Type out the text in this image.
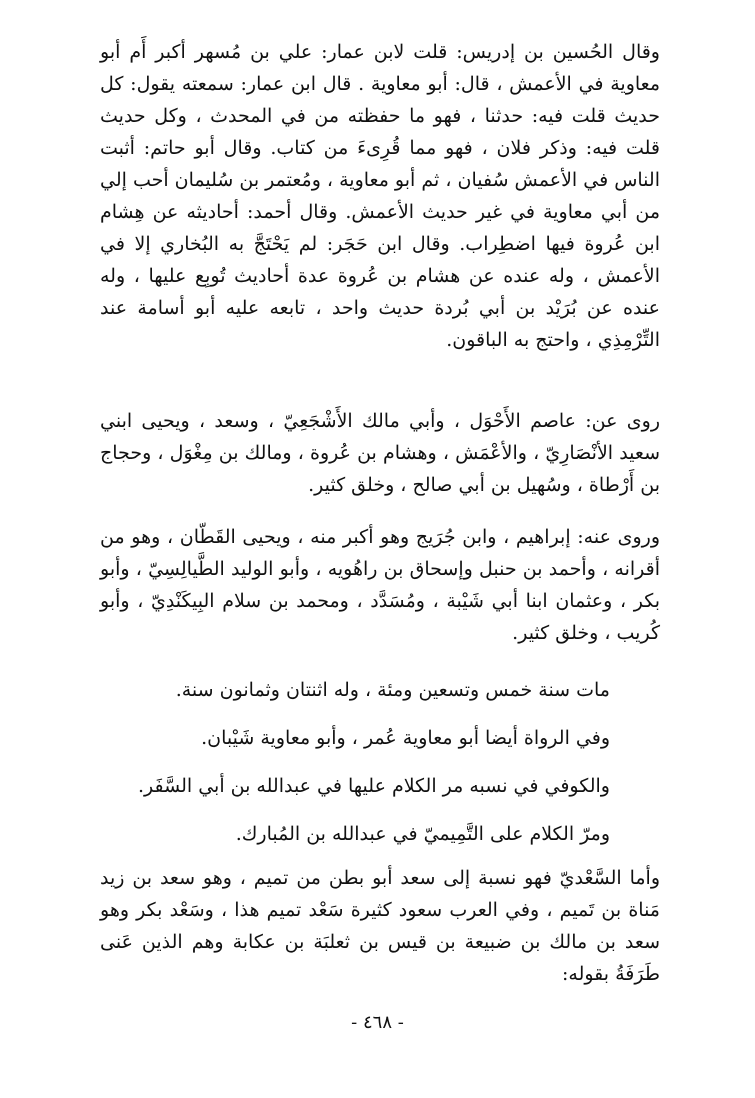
وقال الحُسين بن إدريس: قلت لابن عمار: علي بن مُسهر أكبر أَم أبو معاوية في الأعمش ، قال: أبو معاوية . قال ابن عمار: سمعته يقول: كل حديث قلت فيه: حدثنا ، فهو ما حفظته من في المحدث ، وكل حديث قلت فيه: وذكر فلان ، فهو مما قُرِىءَ من كتاب. وقال أبو حاتم: أثبت الناس في الأعمش سُفيان ، ثم أبو معاوية ، ومُعتمر بن سُليمان أحب إلي من أبي معاوية في غير حديث الأعمش. وقال أحمد: أحاديثه عن هِشام ابن عُروة فيها اضطِراب. وقال ابن حَجَر: لم يَحْتَجَّ به البُخاري إلا في الأعمش ، وله عنده عن هشام بن عُروة عدة أحاديث تُوبِع عليها ، وله عنده عن بُرَيْد بن أبي بُردة حديث واحد ، تابعه عليه أبو أسامة عند التِّرْمِذِي ، واحتج به الباقون.

روى عن: عاصم الأَحْوَل ، وأبي مالك الأَشْجَعِيّ ، وسعد ، ويحيى ابني سعيد الأنْصَارِيّ ، والأعْمَش ، وهشام بن عُروة ، ومالك بن مِغْوَل ، وحجاج بن أَرْطاة ، وسُهيل بن أبي صالح ، وخلق كثير.

وروى عنه: إبراهيم ، وابن جُرَيج وهو أكبر منه ، ويحيى القَطّان ، وهو من أقرانه ، وأحمد بن حنبل وإسحاق بن راهُويه ، وأبو الوليد الطَّيالِسِيّ ، وأبو بكر ، وعثمان ابنا أبي شَيْبة ، ومُسَدَّد ، ومحمد بن سلام البِيكَنْدِيّ ، وأبو كُريب ، وخلق كثير.

مات سنة خمس وتسعين ومئة ، وله اثنتان وثمانون سنة.

وفي الرواة أيضا أبو معاوية عُمر ، وأبو معاوية شَيْبان.

والكوفي في نسبه مر الكلام عليها في عبدالله بن أبي السَّفَر.

ومرّ الكلام على التَّمِيميّ في عبدالله بن المُبارك.

وأما السَّعْديّ فهو نسبة إلى سعد أبو بطن من تميم ، وهو سعد بن زيد مَناة بن تَميم ، وفي العرب سعود كثيرة سَعْد تميم هذا ، وسَعْد بكر وهو سعد بن مالك بن ضبيعة بن قيس بن ثعلبَة بن عكابة وهم الذين عَنى طَرَفَةُ بقوله:

- ٤٦٨ -
